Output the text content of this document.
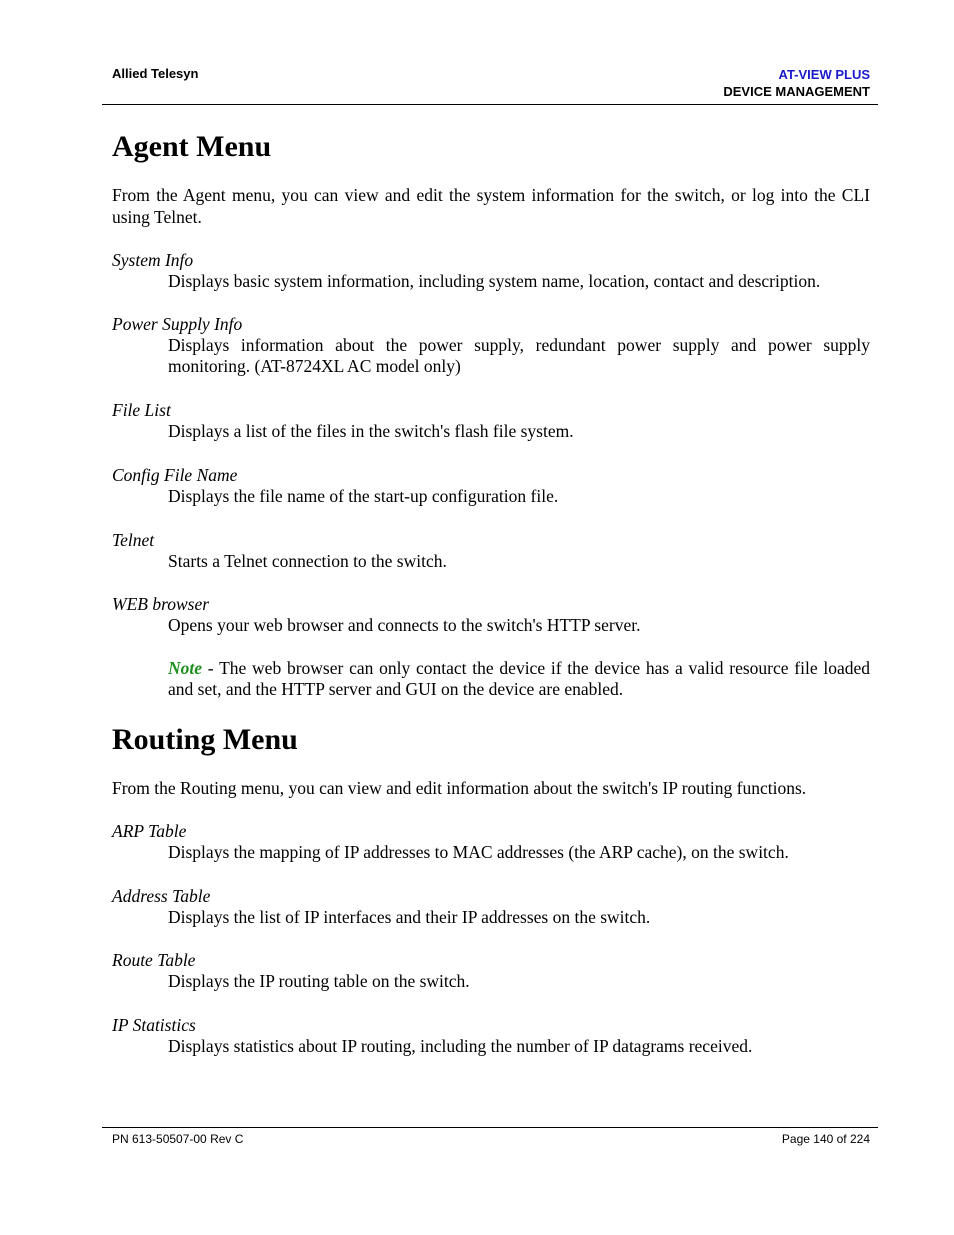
Allied Telesyn	AT-VIEW PLUS
DEVICE MANAGEMENT
Agent Menu

From the Agent menu, you can view and edit the system information for the switch, or log into the CLI using Telnet.

System Info

Displays basic system information, including system name, location, contact and description.

Power Supply Info

Displays information about the power supply, redundant power supply and power supply monitoring. (AT-8724XL AC model only)

File List

Displays a list of the files in the switch's flash file system.

Config File Name

Displays the file name of the start-up configuration file.

Telnet

Starts a Telnet connection to the switch.

WEB browser

Opens your web browser and connects to the switch's HTTP server.

Note - The web browser can only contact the device if the device has a valid resource file loaded and set, and the HTTP server and GUI on the device are enabled.

Routing Menu

From the Routing menu, you can view and edit information about the switch's IP routing functions.

ARP Table

Displays the mapping of IP addresses to MAC addresses (the ARP cache), on the switch.

Address Table

Displays the list of IP interfaces and their IP addresses on the switch.

Route Table

Displays the IP routing table on the switch.

IP Statistics

Displays statistics about IP routing, including the number of IP datagrams received.

PN 613-50507-00 Rev C	Page 140 of 224
